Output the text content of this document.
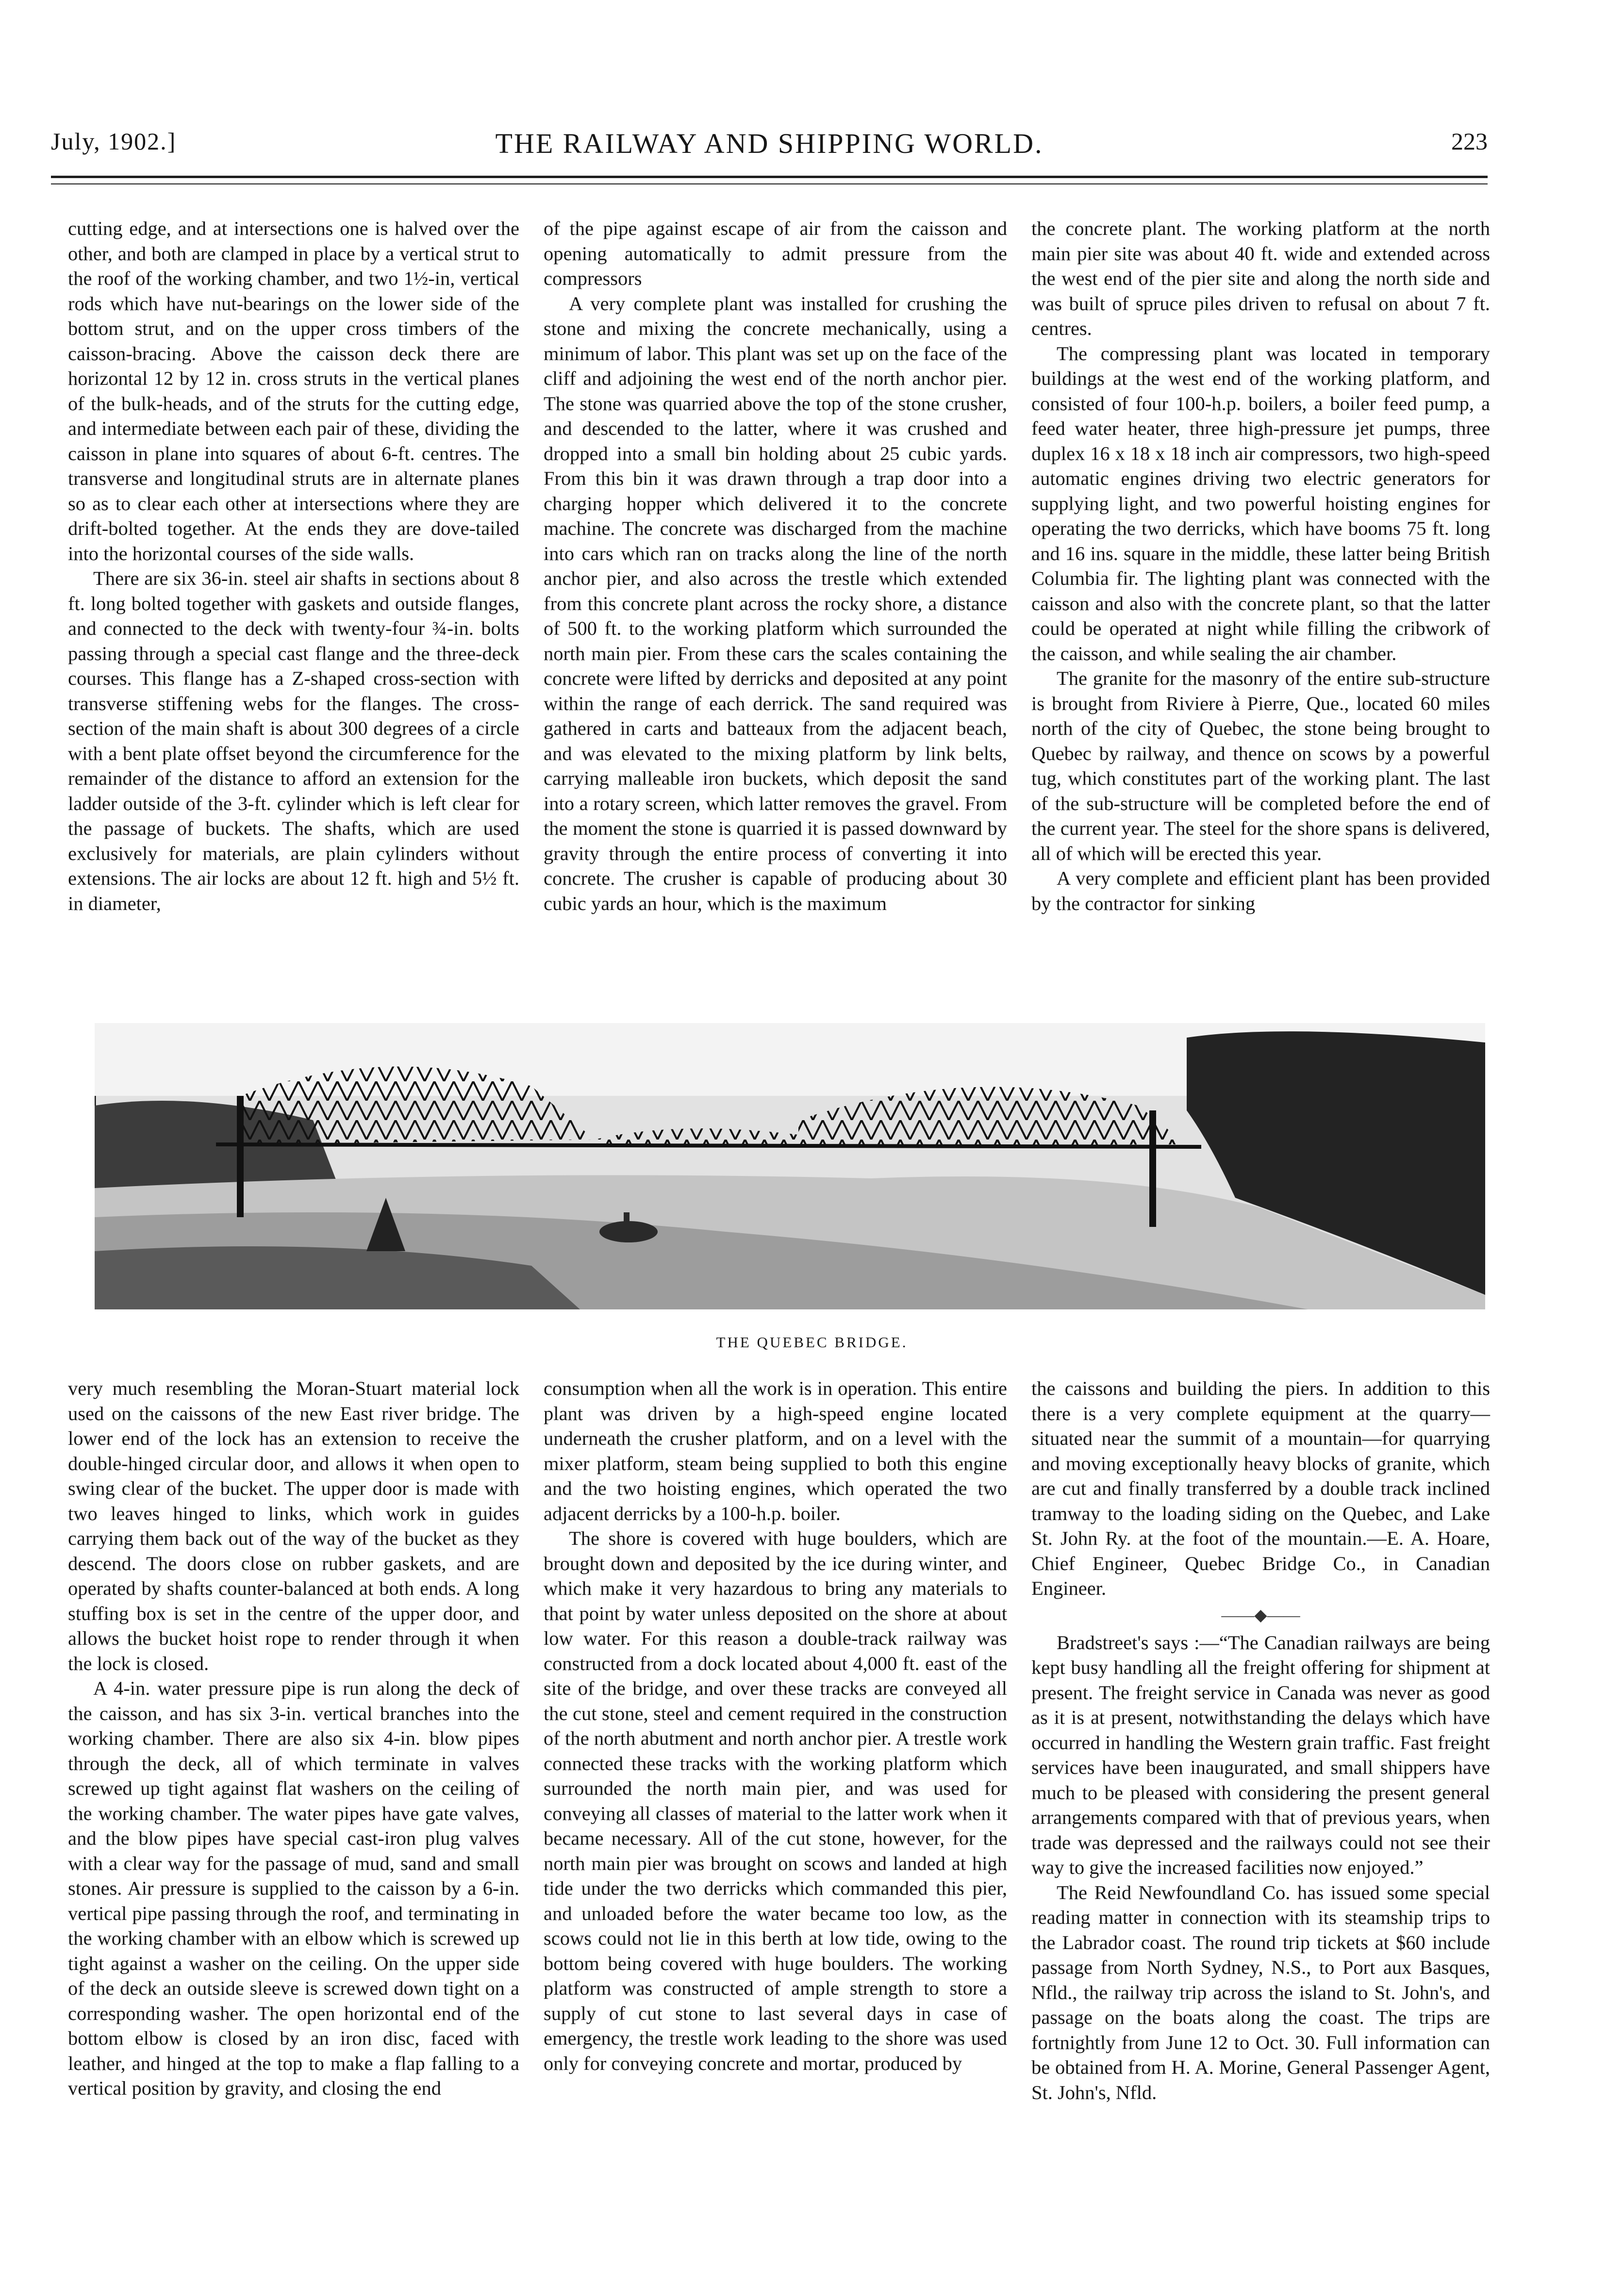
July, 1902.]	THE RAILWAY AND SHIPPING WORLD.	223

cutting edge, and at intersections one is halved over the other, and both are clamped in place by a vertical strut to the roof of the working chamber, and two 1½-in, vertical rods which have nut-bearings on the lower side of the bottom strut, and on the upper cross timbers of the caisson-bracing. Above the caisson deck there are horizontal 12 by 12 in. cross struts in the vertical planes of the bulk-heads, and of the struts for the cutting edge, and intermediate between each pair of these, dividing the caisson in plane into squares of about 6-ft. centres. The transverse and longitudinal struts are in alternate planes so as to clear each other at intersections where they are drift-bolted together. At the ends they are dove-tailed into the horizontal courses of the side walls.

There are six 36-in. steel air shafts in sections about 8 ft. long bolted together with gaskets and outside flanges, and connected to the deck with twenty-four ¾-in. bolts passing through a special cast flange and the three-deck courses. This flange has a Z-shaped cross-section with transverse stiffening webs for the flanges. The cross-section of the main shaft is about 300 degrees of a circle with a bent plate offset beyond the circumference for the remainder of the distance to afford an extension for the ladder outside of the 3-ft. cylinder which is left clear for the passage of buckets. The shafts, which are used exclusively for materials, are plain cylinders without extensions. The air locks are about 12 ft. high and 5½ ft. in diameter,

of the pipe against escape of air from the caisson and opening automatically to admit pressure from the compressors

A very complete plant was installed for crushing the stone and mixing the concrete mechanically, using a minimum of labor. This plant was set up on the face of the cliff and adjoining the west end of the north anchor pier. The stone was quarried above the top of the stone crusher, and descended to the latter, where it was crushed and dropped into a small bin holding about 25 cubic yards. From this bin it was drawn through a trap door into a charging hopper which delivered it to the concrete machine. The concrete was discharged from the machine into cars which ran on tracks along the line of the north anchor pier, and also across the trestle which extended from this concrete plant across the rocky shore, a distance of 500 ft. to the working platform which surrounded the north main pier. From these cars the scales containing the concrete were lifted by derricks and deposited at any point within the range of each derrick. The sand required was gathered in carts and batteaux from the adjacent beach, and was elevated to the mixing platform by link belts, carrying malleable iron buckets, which deposit the sand into a rotary screen, which latter removes the gravel. From the moment the stone is quarried it is passed downward by gravity through the entire process of converting it into concrete. The crusher is capable of producing about 30 cubic yards an hour, which is the maximum

the concrete plant. The working platform at the north main pier site was about 40 ft. wide and extended across the west end of the pier site and along the north side and was built of spruce piles driven to refusal on about 7 ft. centres.

The compressing plant was located in temporary buildings at the west end of the working platform, and consisted of four 100-h.p. boilers, a boiler feed pump, a feed water heater, three high-pressure jet pumps, three duplex 16 x 18 x 18 inch air compressors, two high-speed automatic engines driving two electric generators for supplying light, and two powerful hoisting engines for operating the two derricks, which have booms 75 ft. long and 16 ins. square in the middle, these latter being British Columbia fir. The lighting plant was connected with the caisson and also with the concrete plant, so that the latter could be operated at night while filling the cribwork of the caisson, and while sealing the air chamber.

The granite for the masonry of the entire sub-structure is brought from Riviere à Pierre, Que., located 60 miles north of the city of Quebec, the stone being brought to Quebec by railway, and thence on scows by a powerful tug, which constitutes part of the working plant. The last of the sub-structure will be completed before the end of the current year. The steel for the shore spans is delivered, all of which will be erected this year.

A very complete and efficient plant has been provided by the contractor for sinking

THE QUEBEC BRIDGE.

very much resembling the Moran-Stuart material lock used on the caissons of the new East river bridge. The lower end of the lock has an extension to receive the double-hinged circular door, and allows it when open to swing clear of the bucket. The upper door is made with two leaves hinged to links, which work in guides carrying them back out of the way of the bucket as they descend. The doors close on rubber gaskets, and are operated by shafts counter-balanced at both ends. A long stuffing box is set in the centre of the upper door, and allows the bucket hoist rope to render through it when the lock is closed.

A 4-in. water pressure pipe is run along the deck of the caisson, and has six 3-in. vertical branches into the working chamber. There are also six 4-in. blow pipes through the deck, all of which terminate in valves screwed up tight against flat washers on the ceiling of the working chamber. The water pipes have gate valves, and the blow pipes have special cast-iron plug valves with a clear way for the passage of mud, sand and small stones. Air pressure is supplied to the caisson by a 6-in. vertical pipe passing through the roof, and terminating in the working chamber with an elbow which is screwed up tight against a washer on the ceiling. On the upper side of the deck an outside sleeve is screwed down tight on a corresponding washer. The open horizontal end of the bottom elbow is closed by an iron disc, faced with leather, and hinged at the top to make a flap falling to a vertical position by gravity, and closing the end

consumption when all the work is in operation. This entire plant was driven by a high-speed engine located underneath the crusher platform, and on a level with the mixer platform, steam being supplied to both this engine and the two hoisting engines, which operated the two adjacent derricks by a 100-h.p. boiler.

The shore is covered with huge boulders, which are brought down and deposited by the ice during winter, and which make it very hazardous to bring any materials to that point by water unless deposited on the shore at about low water. For this reason a double-track railway was constructed from a dock located about 4,000 ft. east of the site of the bridge, and over these tracks are conveyed all the cut stone, steel and cement required in the construction of the north abutment and north anchor pier. A trestle work connected these tracks with the working platform which surrounded the north main pier, and was used for conveying all classes of material to the latter work when it became necessary. All of the cut stone, however, for the north main pier was brought on scows and landed at high tide under the two derricks which commanded this pier, and unloaded before the water became too low, as the scows could not lie in this berth at low tide, owing to the bottom being covered with huge boulders. The working platform was constructed of ample strength to store a supply of cut stone to last several days in case of emergency, the trestle work leading to the shore was used only for conveying concrete and mortar, produced by

the caissons and building the piers. In addition to this there is a very complete equipment at the quarry—situated near the summit of a mountain—for quarrying and moving exceptionally heavy blocks of granite, which are cut and finally transferred by a double track inclined tramway to the loading siding on the Quebec, and Lake St. John Ry. at the foot of the mountain.—E. A. Hoare, Chief Engineer, Quebec Bridge Co., in Canadian Engineer.

——◆——

Bradstreet's says :—“The Canadian railways are being kept busy handling all the freight offering for shipment at present. The freight service in Canada was never as good as it is at present, notwithstanding the delays which have occurred in handling the Western grain traffic. Fast freight services have been inaugurated, and small shippers have much to be pleased with considering the present general arrangements compared with that of previous years, when trade was depressed and the railways could not see their way to give the increased facilities now enjoyed.”

The Reid Newfoundland Co. has issued some special reading matter in connection with its steamship trips to the Labrador coast. The round trip tickets at $60 include passage from North Sydney, N.S., to Port aux Basques, Nfld., the railway trip across the island to St. John's, and passage on the boats along the coast. The trips are fortnightly from June 12 to Oct. 30. Full information can be obtained from H. A. Morine, General Passenger Agent, St. John's, Nfld.
